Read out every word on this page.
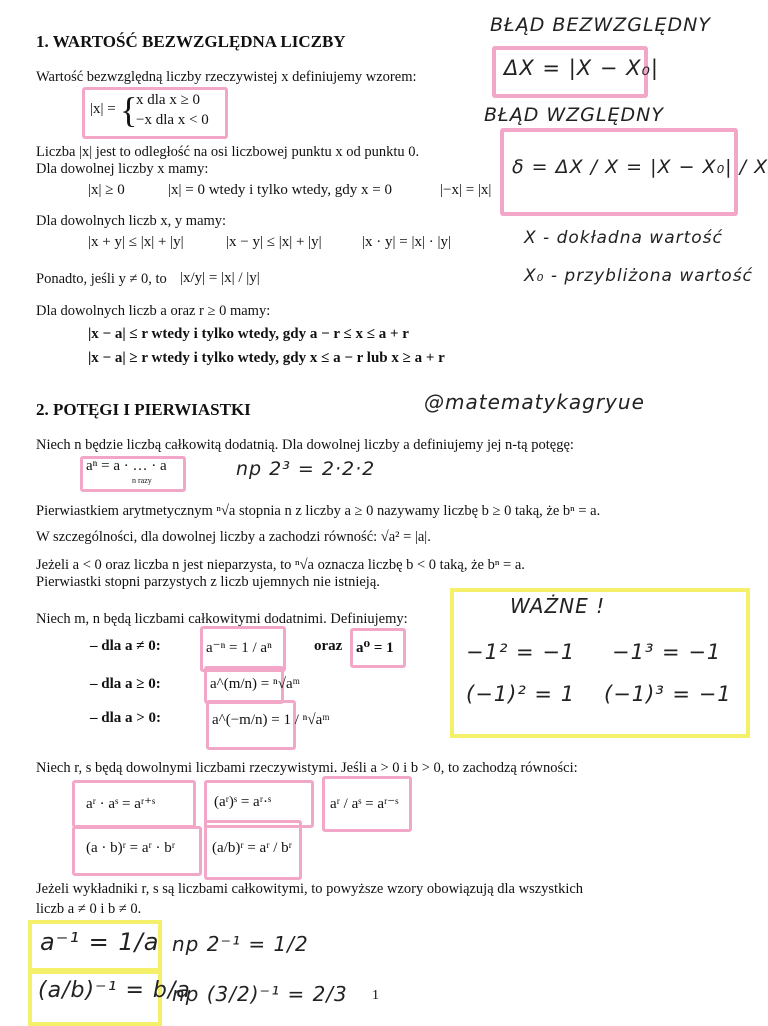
1. WARTOŚĆ BEZWZGLĘDNA LICZBY
Wartość bezwzględną liczby rzeczywistej x definiujemy wzorem:
|x| = {
x dla x ≥ 0
−x dla x < 0
Liczba |x| jest to odległość na osi liczbowej punktu x od punktu 0.
Dla dowolnej liczby x mamy:
|x| ≥ 0	|x| = 0 wtedy i tylko wtedy, gdy x = 0	|−x| = |x|
Dla dowolnych liczb x, y mamy:
|x + y| ≤ |x| + |y|	|x − y| ≤ |x| + |y|	|x · y| = |x| · |y|
Ponadto, jeśli y ≠ 0, to |x/y| = |x| / |y|
Dla dowolnych liczb a oraz r ≥ 0 mamy:
|x − a| ≤ r wtedy i tylko wtedy, gdy a − r ≤ x ≤ a + r
|x − a| ≥ r wtedy i tylko wtedy, gdy x ≤ a − r lub x ≥ a + r
BŁĄD BEZWZGLĘDNY
ΔX = |X − X₀|
BŁĄD WZGLĘDNY
δ = ΔX / X = |X − X₀| / X
X - dokładna wartość
X₀ - przybliżona wartość
2. POTĘGI I PIERWIASTKI	@matematykagryue
Niech n będzie liczbą całkowitą dodatnią. Dla dowolnej liczby a definiujemy jej n-tą potęgę:
aⁿ = a · … · a
n razy
np 2³ = 2·2·2
Pierwiastkiem arytmetycznym ⁿ√a stopnia n z liczby a ≥ 0 nazywamy liczbę b ≥ 0 taką, że bⁿ = a.
W szczególności, dla dowolnej liczby a zachodzi równość: √a² = |a|.
Jeżeli a < 0 oraz liczba n jest nieparzysta, to ⁿ√a oznacza liczbę b < 0 taką, że bⁿ = a.
Pierwiastki stopni parzystych z liczb ujemnych nie istnieją.
Niech m, n będą liczbami całkowitymi dodatnimi. Definiujemy:
– dla a ≠ 0:	a⁻ⁿ = 1 / aⁿ	oraz a⁰ = 1
– dla a ≥ 0:	a^(m/n) = ⁿ√aᵐ
– dla a > 0:	a^(−m/n) = 1 / ⁿ√aᵐ
WAŻNE !
−1² = −1 −1³ = −1
(−1)² = 1 (−1)³ = −1
Niech r, s będą dowolnymi liczbami rzeczywistymi. Jeśli a > 0 i b > 0, to zachodzą równości:
aʳ · aˢ = aʳ⁺ˢ	(aʳ)ˢ = aʳ·ˢ	aʳ / aˢ = aʳ⁻ˢ
(a · b)ʳ = aʳ · bʳ (a/b)ʳ = aʳ / bʳ
Jeżeli wykładniki r, s są liczbami całkowitymi, to powyższe wzory obowiązują dla wszystkich
liczb a ≠ 0 i b ≠ 0.
a⁻¹ = 1/a np 2⁻¹ = 1/2
(a/b)⁻¹ = b/a
np (3/2)⁻¹ = 2/3 1
